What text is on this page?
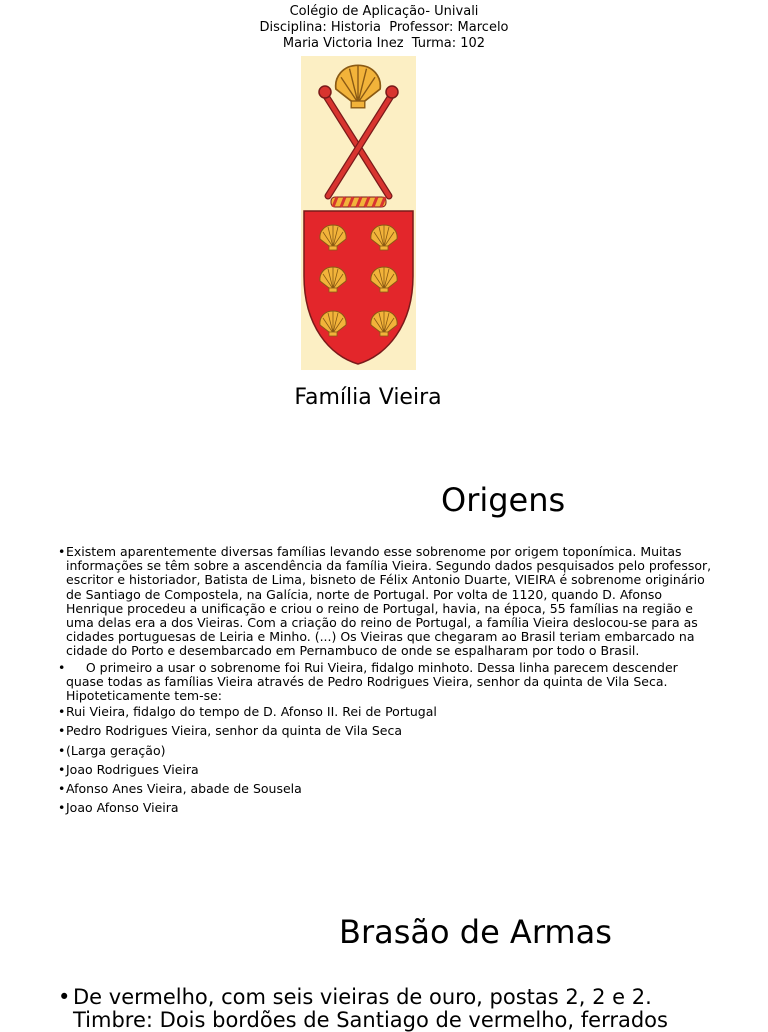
Colégio de Aplicação- Univali
Disciplina: Historia  Professor: Marcelo
Maria Victoria Inez  Turma: 102
Família Vieira
Origens
• Existem aparentemente diversas famílias levando esse sobrenome por origem toponímica. Muitas informações se têm sobre a ascendência da família Vieira. Segundo dados pesquisados pelo professor, escritor e historiador, Batista de Lima, bisneto de Félix Antonio Duarte, VIEIRA é sobrenome originário de Santiago de Compostela, na Galícia, norte de Portugal. Por volta de 1120, quando D. Afonso Henrique procedeu a unificação e criou o reino de Portugal, havia, na época, 55 famílias na região e uma delas era a dos Vieiras. Com a criação do reino de Portugal, a família Vieira deslocou-se para as cidades portuguesas de Leiria e Minho. (...) Os Vieiras que chegaram ao Brasil teriam embarcado na cidade do Porto e desembarcado em Pernambuco de onde se espalharam por todo o Brasil.
•      O primeiro a usar o sobrenome foi Rui Vieira, fidalgo minhoto. Dessa linha parecem descender quase todas as famílias Vieira através de Pedro Rodrigues Vieira, senhor da quinta de Vila Seca. Hipoteticamente tem-se:
• Rui Vieira, fidalgo do tempo de D. Afonso II. Rei de Portugal
• Pedro Rodrigues Vieira, senhor da quinta de Vila Seca
• (Larga geração)
• Joao Rodrigues Vieira
• Afonso Anes Vieira, abade de Sousela
• Joao Afonso Vieira
Brasão de Armas
• De vermelho, com seis vieiras de ouro, postas 2, 2 e 2. Timbre: Dois bordões de Santiago de vermelho, ferrados
